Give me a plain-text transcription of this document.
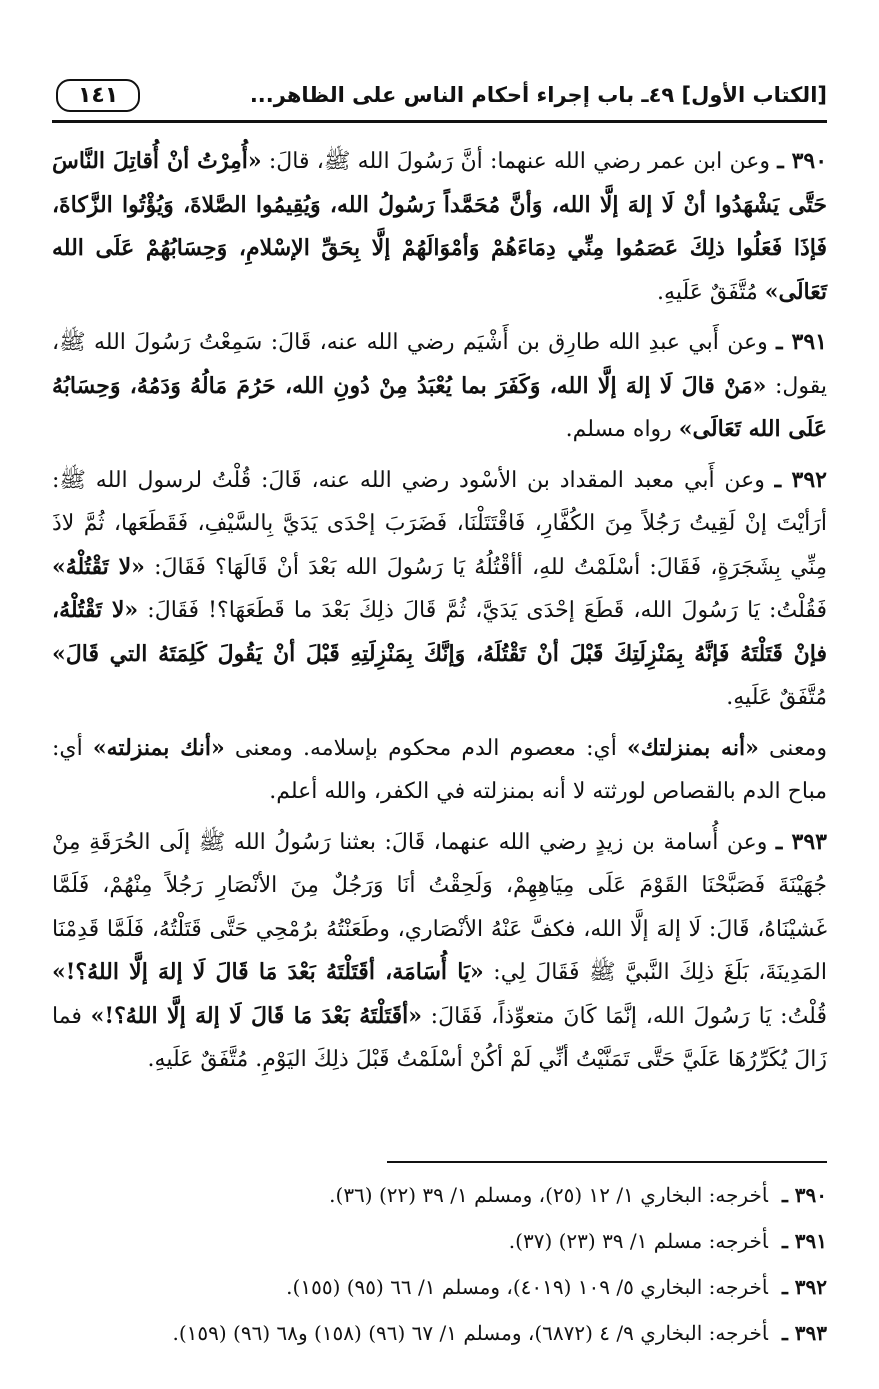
[الكتاب الأول] ٤٩ـ باب إجراء أحكام الناس على الظاهر...
١٤١

٣٩٠ ـ وعن ابن عمر رضي الله عنهما: أنَّ رَسُولَ الله ﷺ، قالَ: «أُمِرْتُ أنْ أُقاتِلَ النَّاسَ حَتَّى يَشْهَدُوا أنْ لَا إلهَ إلَّا الله، وَأنَّ مُحَمَّداً رَسُولُ الله، وَيُقِيمُوا الصَّلاةَ، وَيُؤْتُوا الزَّكاةَ، فَإذَا فَعَلُوا ذلِكَ عَصَمُوا مِنِّي دِمَاءَهُمْ وَأمْوَالَهُمْ إلَّا بِحَقِّ الإسْلامِ، وَحِسَابُهُمْ عَلَى الله تَعَالَى» مُتَّفَقٌ عَلَيهِ.

٣٩١ ـ وعن أَبي عبدِ الله طارِق بن أَشْيَم رضي الله عنه، قَالَ: سَمِعْتُ رَسُولَ الله ﷺ، يقول: «مَنْ قالَ لَا إلهَ إلَّا الله، وَكَفَرَ بما يُعْبَدُ مِنْ دُونِ الله، حَرُمَ مَالُهُ وَدَمُهُ، وَحِسَابُهُ عَلَى الله تَعَالَى» رواه مسلم.

٣٩٢ ـ وعن أَبي معبد المقداد بن الأسْود رضي الله عنه، قَالَ: قُلْتُ لرسول الله ﷺ: أرَأيْتَ إنْ لَقِيتُ رَجُلاً مِنَ الكُفَّارِ، فَاقْتَتَلْنَا، فَضَرَبَ إحْدَى يَدَيَّ بِالسَّيْفِ، فَقَطَعَها، ثُمَّ لاذَ مِنِّي بِشَجَرَةٍ، فَقَالَ: أسْلَمْتُ للهِ، أأقْتُلُهُ يَا رَسُولَ الله بَعْدَ أنْ قَالَهَا؟ فَقَالَ: «لا تَقْتُلْهُ» فَقُلْتُ: يَا رَسُولَ الله، قَطَعَ إحْدَى يَدَيَّ، ثُمَّ قَالَ ذلِكَ بَعْدَ ما قَطَعَهَا؟! فَقَالَ: «لا تَقْتُلْهُ، فإنْ قَتَلْتَهُ فَإنَّهُ بِمَنْزِلَتِكَ قَبْلَ أنْ تَقْتُلَهُ، وَإنَّكَ بِمَنْزِلَتِهِ قَبْلَ أنْ يَقُولَ كَلِمَتَهُ التي قَالَ» مُتَّفَقٌ عَلَيهِ.

ومعنى «أنه بمنزلتك» أي: معصوم الدم محكوم بإسلامه. ومعنى «أنك بمنزلته» أي: مباح الدم بالقصاص لورثته لا أنه بمنزلته في الكفر، والله أعلم.

٣٩٣ ـ وعن أُسامة بن زيدٍ رضي الله عنهما، قَالَ: بعثنا رَسُولُ الله ﷺ إلَى الحُرَقَةِ مِنْ جُهَيْنَةَ فَصَبَّحْنَا القَوْمَ عَلَى مِيَاهِهِمْ، وَلَحِقْتُ أنَا وَرَجُلٌ مِنَ الأنْصَارِ رَجُلاً مِنْهُمْ، فَلَمَّا غَشيْنَاهُ، قَالَ: لَا إلهَ إلَّا الله، فكفَّ عَنْهُ الأنْصَاري، وطَعَنْتُهُ برُمْحِي حَتَّى قَتَلْتُهُ، فَلَمَّا قَدِمْنَا المَدِينَةَ، بَلَغَ ذلِكَ النَّبيَّ ﷺ فَقَالَ لِي: «يَا أُسَامَة، أقَتَلْتَهُ بَعْدَ مَا قَالَ لَا إلهَ إلَّا اللهُ؟!» قُلْتُ: يَا رَسُولَ الله، إنَّمَا كَانَ متعوِّذاً، فَقَالَ: «أقَتَلْتَهُ بَعْدَ مَا قَالَ لَا إلهَ إلَّا اللهُ؟!» فما زَالَ يُكَرِّرُهَا عَلَيَّ حَتَّى تَمَنَّيْتُ أنِّي لَمْ أكُنْ أسْلَمْتُ قَبْلَ ذلِكَ اليَوْمِ. مُتَّفَقٌ عَلَيهِ.

٣٩٠ ـأخرجه: البخاري ١/ ١٢ (٢٥)، ومسلم ١/ ٣٩ (٢٢) (٣٦).
٣٩١ ـأخرجه: مسلم ١/ ٣٩ (٢٣) (٣٧).
٣٩٢ ـأخرجه: البخاري ٥/ ١٠٩ (٤٠١٩)، ومسلم ١/ ٦٦ (٩٥) (١٥٥).
٣٩٣ ـأخرجه: البخاري ٩/ ٤ (٦٨٧٢)، ومسلم ١/ ٦٧ (٩٦) (١٥٨) و٦٨ (٩٦) (١٥٩).
